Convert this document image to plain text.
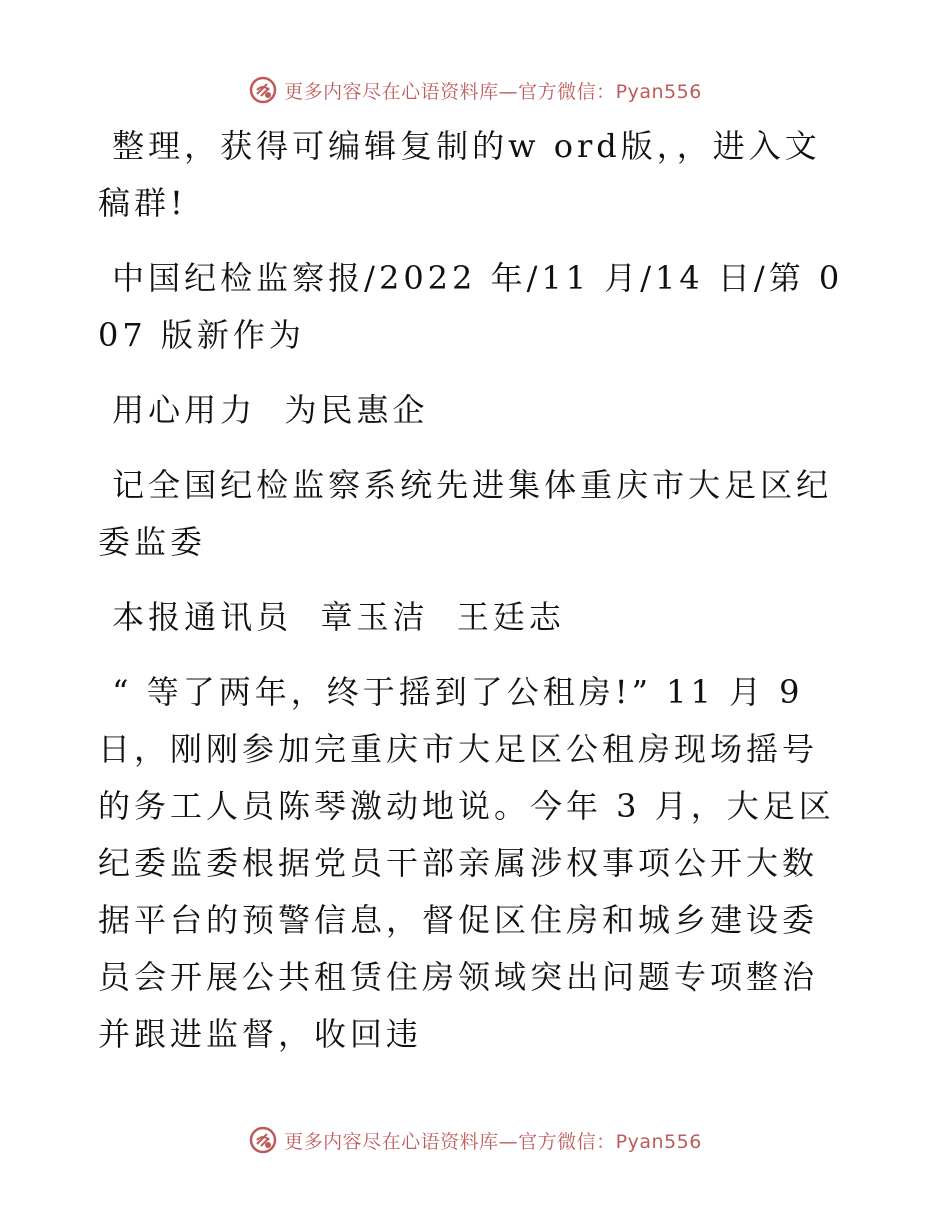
更多内容尽在心语资料库—官方微信：Pyan556

整理，获得可编辑复制的w ord版，，进入文稿群!

中国纪检监察报/2022 年/11 月/14 日/第 007 版新作为

用心用力  为民惠企

记全国纪检监察系统先进集体重庆市大足区纪委监委

本报通讯员  章玉洁  王廷志

“ 等了两年，终于摇到了公租房!” 11 月 9 日，刚刚参加完重庆市大足区公租房现场摇号的务工人员陈琴激动地说。今年 3 月，大足区纪委监委根据党员干部亲属涉权事项公开大数据平台的预警信息，督促区住房和城乡建设委员会开展公共租赁住房领域突出问题专项整治并跟进监督，收回违

更多内容尽在心语资料库—官方微信：Pyan556
